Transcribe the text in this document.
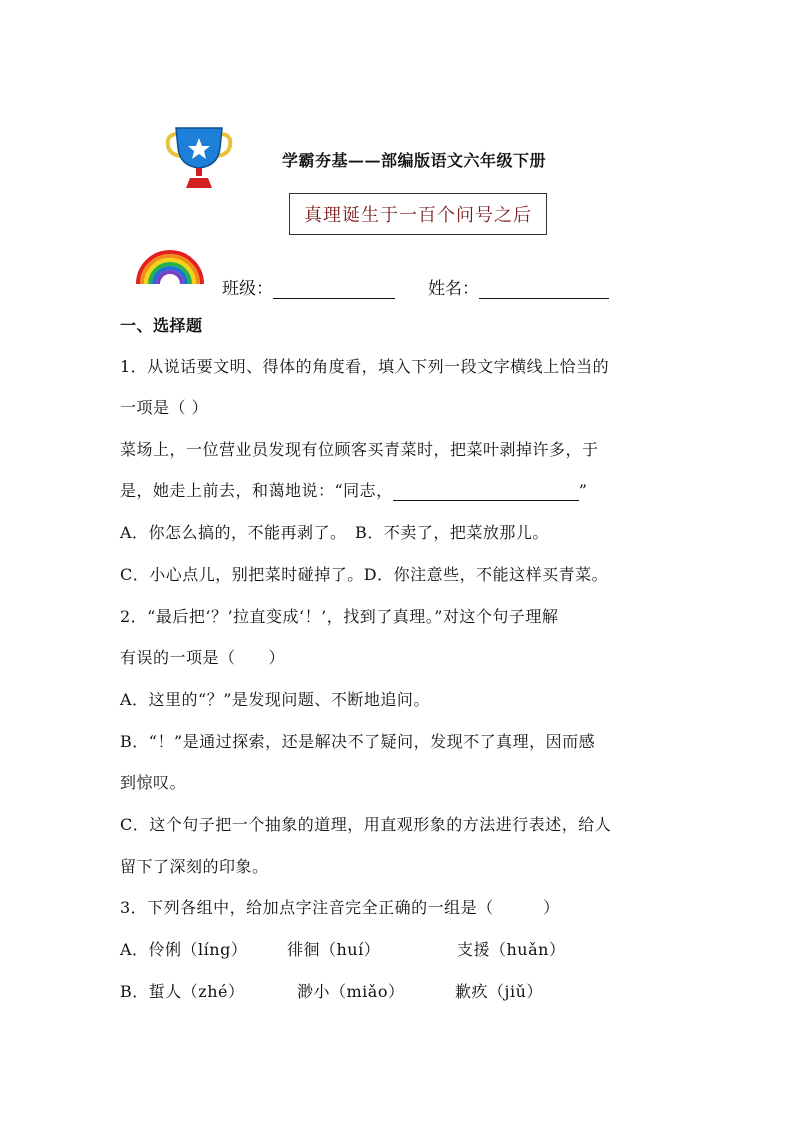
学霸夯基——部编版语文六年级下册
真理诞生于一百个问号之后
班级：	姓名：
一、选择题
1．从说话要文明、得体的角度看，填入下列一段文字横线上恰当的
一项是（ ）
菜场上，一位营业员发现有位顾客买青菜时，把菜叶剥掉许多，于
是，她走上前去，和蔼地说：“同志，	”
A．你怎么搞的，不能再剥了。　B．不卖了，把菜放那儿。
C．小心点儿，别把菜时碰掉了。D．你注意些，不能这样买青菜。
2．“最后把‘？’拉直变成‘！’，找到了真理。”对这个句子理解
有误的一项是（　　）
A．这里的“？”是发现问题、不断地追问。
B．“！”是通过探索，还是解决不了疑问，发现不了真理，因而感
到惊叹。
C．这个句子把一个抽象的道理，用直观形象的方法进行表述，给人
留下了深刻的印象。
3．下列各组中，给加点字注音完全正确的一组是（　　　）
A．伶俐（líng） 徘徊（huí）	支援（huǎn）
B．蜇人（zhé）	渺小（miǎo）	歉疚（jiǔ）
